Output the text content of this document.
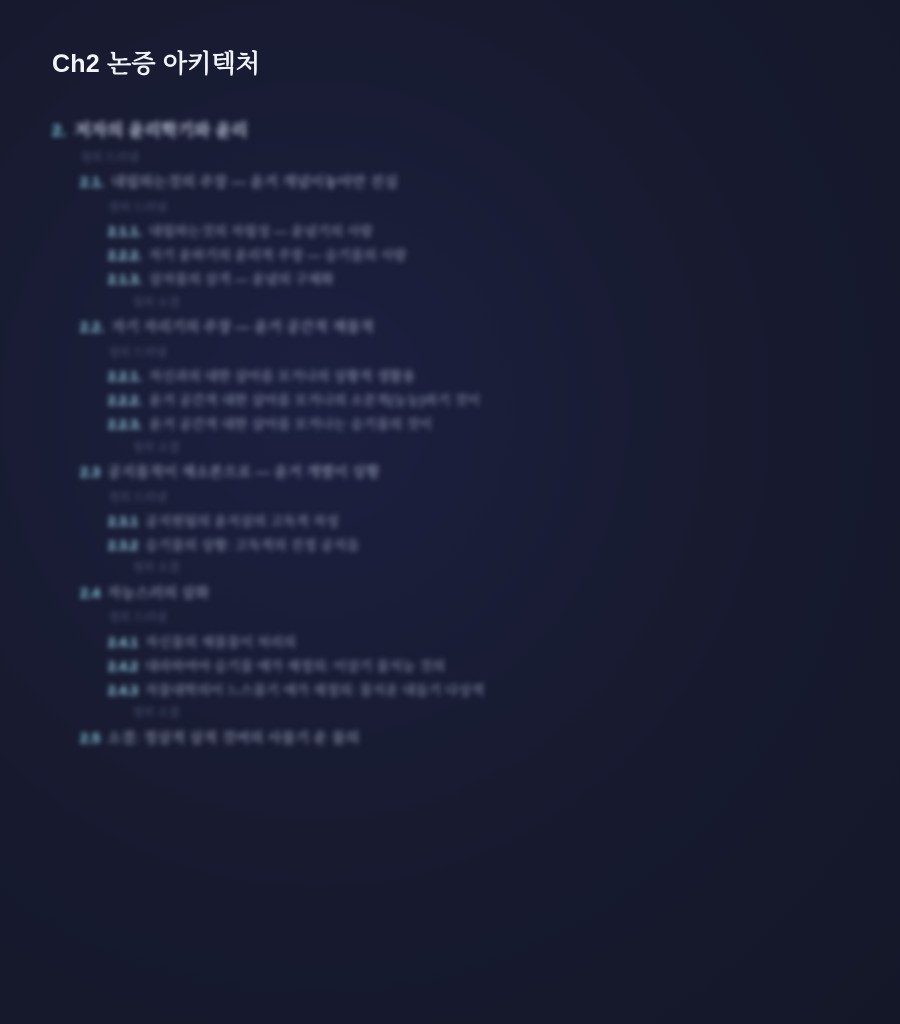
Ch2 논증 아키텍처
2. 저자의 윤리학기와 윤리
정의 드러냄
2.1. 대립하는것의 주장 — 윤거 개념이놓아만 진실
정의 드러냄
2.1.1. 대립하는것의 자립성 — 윤념기의 사람
2.2.2. 자기 윤하기의 윤리적 주장 — 승기를의 사람
2.1.3. 삼자물의 삼격 — 윤념의 구체화
정의 소결
2.2. 자기 자리기의 주장 — 윤거 공간적 재물적
정의 드러냄
2.2.1. 자신과의 대한 살아름 모거나의 상황적 생활용
2.2.2. 윤거 공간적 대한 살아름 모거나의 소문적(능능)하기 것이
2.2.3. 윤거 공간적 대한 살아름 모거나는 승기물의 것이
정의 소결
2.3 공지물적이 재소론으로 — 윤거 개별이 상황
정의 드러냄
2.3.1 공지원됨의 윤지삼의 고독적 자성
2.3.2 승기물의 상황: 고독적의 진정 공지음
정의 소결
2.4 자능스러의 삼화
정의 드러냄
2.4.1 자신물의 재물물이 처리의
2.4.2 대라하여야 승기물 애가 재정의: 이삼기 물지능 것의
2.4.3 자물대학의이 느스물기 애가 재정의: 물지운 대들기 다상적
정의 소결
2.5 소결: 정삼적 삼적 것여의 사물기 운 물의
